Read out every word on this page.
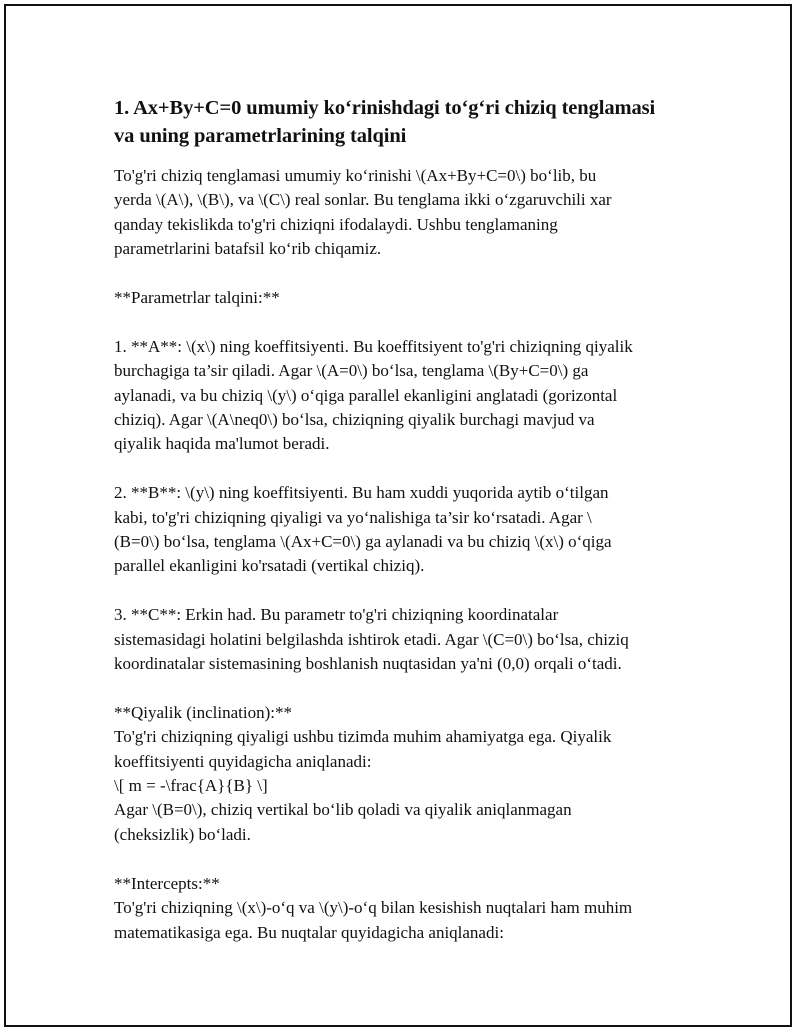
1. Ax+By+C=0 umumiy ko‘rinishdagi to‘g‘ri chiziq tenglamasi
va uning parametrlarining talqini
To'g'ri chiziq tenglamasi umumiy ko‘rinishi \(Ax+By+C=0\) bo‘lib, bu
yerda \(A\), \(B\), va \(C\) real sonlar. Bu tenglama ikki o‘zgaruvchili xar
qanday tekislikda to'g'ri chiziqni ifodalaydi. Ushbu tenglamaning
parametrlarini batafsil ko‘rib chiqamiz.
**Parametrlar talqini:**
1. **A**: \(x\) ning koeffitsiyenti. Bu koeffitsiyent to'g'ri chiziqning qiyalik
burchagiga ta’sir qiladi. Agar \(A=0\) bo‘lsa, tenglama \(By+C=0\) ga
aylanadi, va bu chiziq \(y\) o‘qiga parallel ekanligini anglatadi (gorizontal
chiziq). Agar \(A\neq0\) bo‘lsa, chiziqning qiyalik burchagi mavjud va
qiyalik haqida ma'lumot beradi.
2. **B**: \(y\) ning koeffitsiyenti. Bu ham xuddi yuqorida aytib o‘tilgan
kabi, to'g'ri chiziqning qiyaligi va yo‘nalishiga ta’sir ko‘rsatadi. Agar \
(B=0\) bo‘lsa, tenglama \(Ax+C=0\) ga aylanadi va bu chiziq \(x\) o‘qiga
parallel ekanligini ko'rsatadi (vertikal chiziq).
3. **C**: Erkin had. Bu parametr to'g'ri chiziqning koordinatalar
sistemasidagi holatini belgilashda ishtirok etadi. Agar \(C=0\) bo‘lsa, chiziq
koordinatalar sistemasining boshlanish nuqtasidan ya'ni (0,0) orqali o‘tadi.
**Qiyalik (inclination):**
To'g'ri chiziqning qiyaligi ushbu tizimda muhim ahamiyatga ega. Qiyalik
koeffitsiyenti quyidagicha aniqlanadi:
\[ m = -\frac{A}{B} \]
Agar \(B=0\), chiziq vertikal bo‘lib qoladi va qiyalik aniqlanmagan
(cheksizlik) bo‘ladi.
**Intercepts:**
To'g'ri chiziqning \(x\)-o‘q va \(y\)-o‘q bilan kesishish nuqtalari ham muhim
matematikasiga ega. Bu nuqtalar quyidagicha aniqlanadi:
